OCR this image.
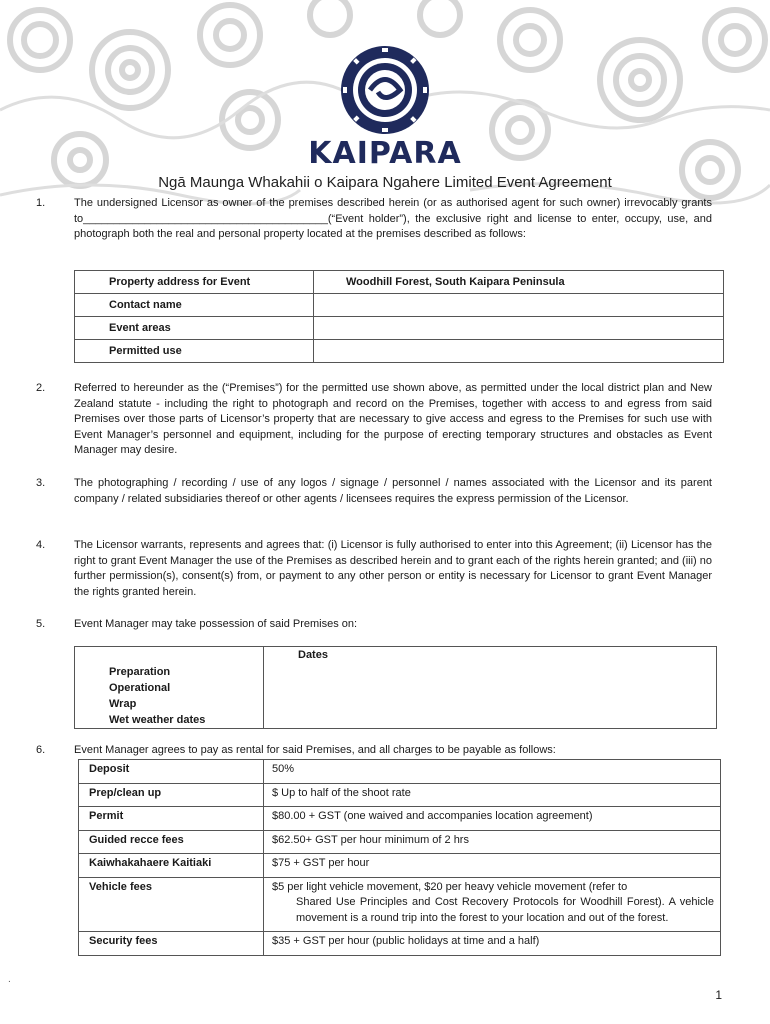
KAIPARA
Ngā Maunga Whakahii o Kaipara Ngahere Limited Event Agreement
1.	The undersigned Licensor as owner of the premises described herein (or as authorised agent for such owner) irrevocably grants to________________________________________(“Event holder”), the exclusive right and license to enter, occupy, use, and photograph both the real and personal property located at the premises described as follows:
Property address for Event	Woodhill Forest, South Kaipara Peninsula
Contact name	
Event areas	
Permitted use	
2.	Referred to hereunder as the (“Premises”) for the permitted use shown above, as permitted under the local district plan and New Zealand statute - including the right to photograph and record on the Premises, together with access to and egress from said Premises over those parts of Licensor’s property that are necessary to give access and egress to the Premises for such use with Event Manager’s personnel and equipment, including for the purpose of erecting temporary structures and obstacles as Event Manager may desire.
3.	The photographing / recording / use of any logos / signage / personnel / names associated with the Licensor and its parent company / related subsidiaries thereof or other agents / licensees requires the express permission of the Licensor.
4.	The Licensor warrants, represents and agrees that: (i) Licensor is fully authorised to enter into this Agreement; (ii) Licensor has the right to grant Event Manager the use of the Premises as described herein and to grant each of the rights herein granted; and (iii) no further permission(s), consent(s) from, or payment to any other person or entity is necessary for Licensor to grant Event Manager the rights granted herein.
5.	Event Manager may take possession of said Premises on:
	Dates
Preparation	
Operational	
Wrap	
Wet weather dates	
6.	Event Manager agrees to pay as rental for said Premises, and all charges to be payable as follows:
Deposit	50%
Prep/clean up	$ Up to half of the shoot rate
Permit	$80.00 + GST (one waived and accompanies location agreement)
Guided recce fees	$62.50+ GST per hour minimum of 2 hrs
Kaiwhakahaere Kaitiaki	$75 + GST per hour
Vehicle fees	$5 per light vehicle movement, $20 per heavy vehicle movement (refer to
Shared Use Principles and Cost Recovery Protocols for Woodhill Forest). A vehicle movement is a round trip into the forest to your location and out of the forest.

Security fees	$35 + GST per hour (public holidays at time and a half)
.
1
